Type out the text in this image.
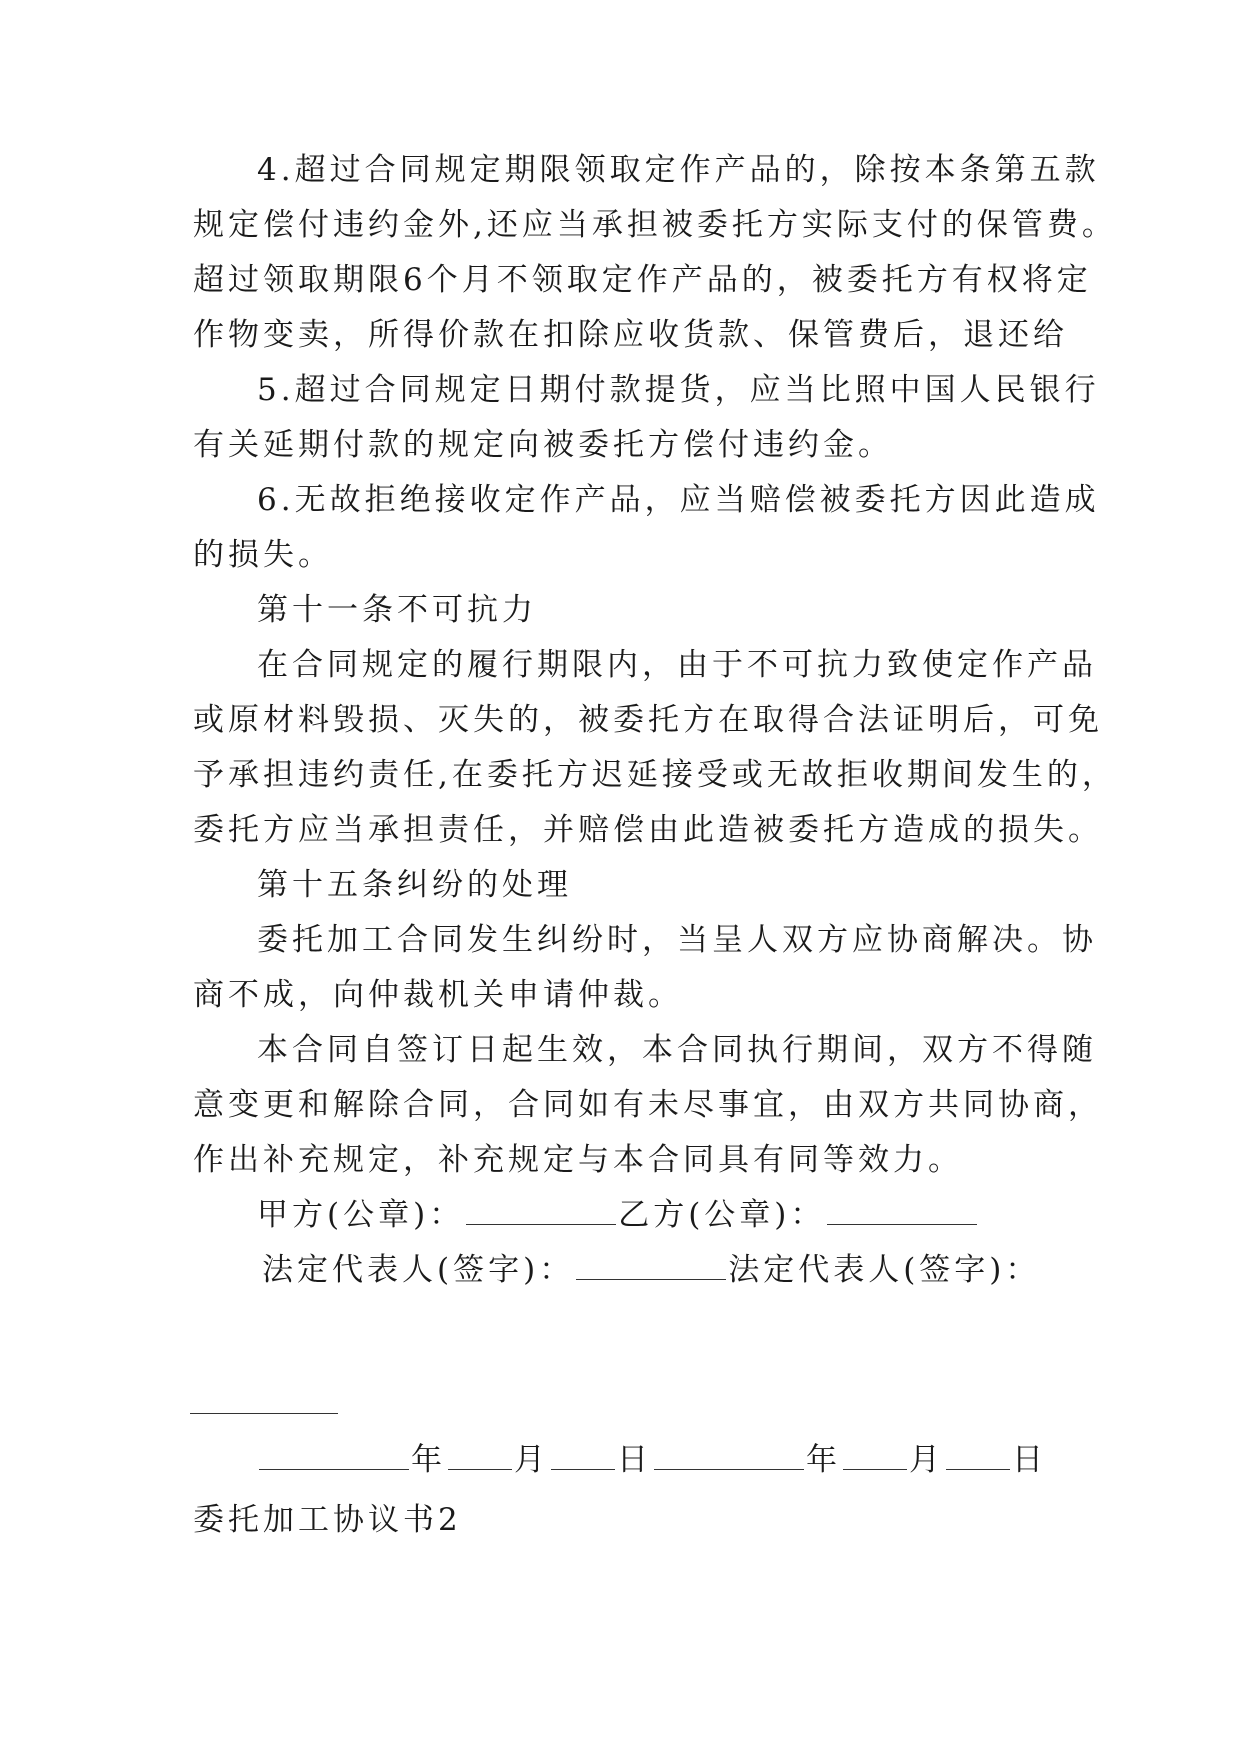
4.超过合同规定期限领取定作产品的，除按本条第五款
规定偿付违约金外,还应当承担被委托方实际支付的保管费。
超过领取期限6个月不领取定作产品的，被委托方有权将定
作物变卖，所得价款在扣除应收货款、保管费后，退还给
5.超过合同规定日期付款提货，应当比照中国人民银行
有关延期付款的规定向被委托方偿付违约金。
6.无故拒绝接收定作产品，应当赔偿被委托方因此造成
的损失。
第十一条不可抗力
在合同规定的履行期限内，由于不可抗力致使定作产品
或原材料毁损、灭失的，被委托方在取得合法证明后，可免
予承担违约责任,在委托方迟延接受或无故拒收期间发生的，
委托方应当承担责任，并赔偿由此造被委托方造成的损失。
第十五条纠纷的处理
委托加工合同发生纠纷时，当呈人双方应协商解决。协
商不成，向仲裁机关申请仲裁。
本合同自签订日起生效，本合同执行期间，双方不得随
意变更和解除合同，合同如有未尽事宜，由双方共同协商，
作出补充规定，补充规定与本合同具有同等效力。
甲方(公章)：	乙方(公章)：
法定代表人(签字)：	法定代表人(签字)：
年 月 日	年 月 日
委托加工协议书2
